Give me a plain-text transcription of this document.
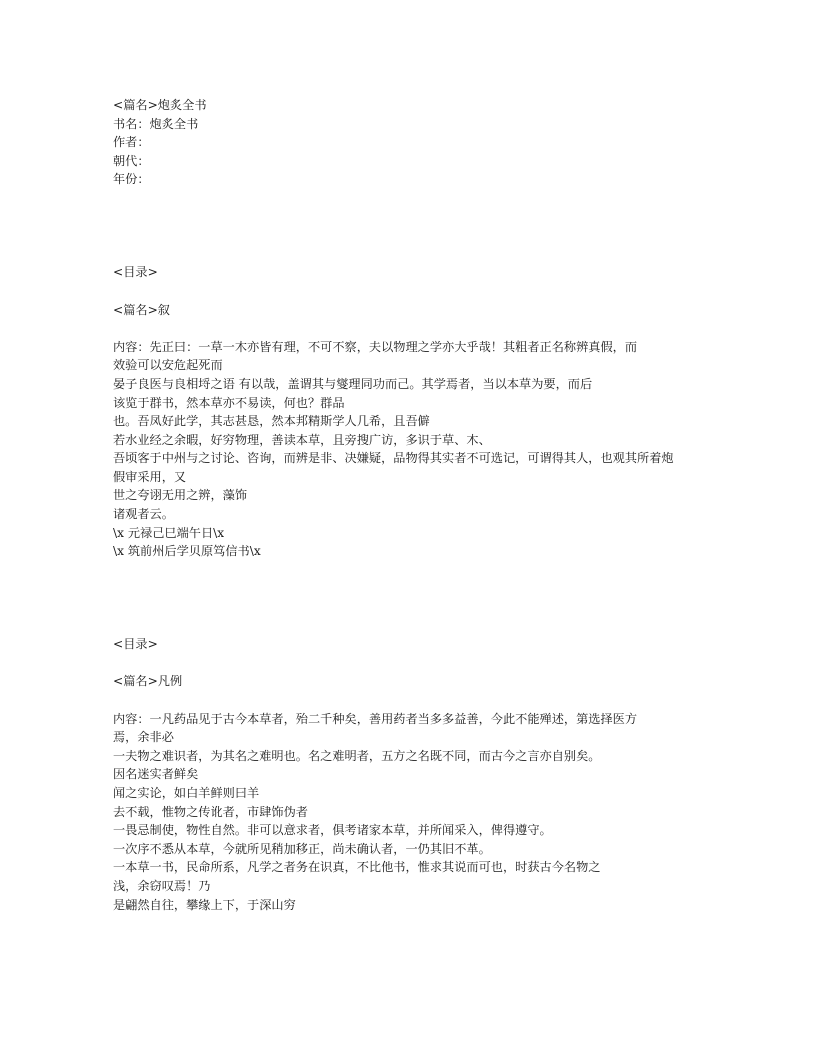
<篇名>炮炙全书
书名：炮炙全书
作者：
朝代：
年份：
<目录>
<篇名>叙
内容：先正曰：一草一木亦皆有理，不可不察，夫以物理之学亦大乎哉！其粗者正名称辨真假，而
效验可以安危起死而
晏子良医与良相埒之语 有以哉，盖谓其与燮理同功而己。其学焉者，当以本草为要，而后
该览于群书，然本草亦不易读，何也？群品
也。吾凤好此学，其志甚恳，然本邦精斯学人几希，且吾僻
若水业经之余暇，好穷物理，善读本草，且旁搜广访，多识于草、木、
吾顷客于中州与之讨论、咨询，而辨是非、决嫌疑，品物得其实者不可选记，可谓得其人，也观其所着炮
假审采用，又
世之夸诩无用之辨，藻饰
诸观者云。
\x 元禄己巳端午日\x
\x 筑前州后学贝原笃信书\x
<目录>
<篇名>凡例
内容：一凡药品见于古今本草者，殆二千种矣，善用药者当多多益善，今此不能殚述，第选择医方
焉，余非必
一夫物之难识者，为其名之难明也。名之难明者，五方之名既不同，而古今之言亦自别矣。
因名迷实者鲜矣
闻之实论，如白羊鲜则曰羊
去不载，惟物之传讹者，市肆饰伪者
一畏忌制使，物性自然。非可以意求者，俱考诸家本草，并所闻采入，俾得遵守。
一次序不悉从本草，今就所见稍加移正，尚未确认者，一仍其旧不革。
一本草一书，民命所系，凡学之者务在识真，不比他书，惟求其说而可也，时获古今名物之
浅，余窃叹焉！乃
是翩然自往，攀缘上下，于深山穷
